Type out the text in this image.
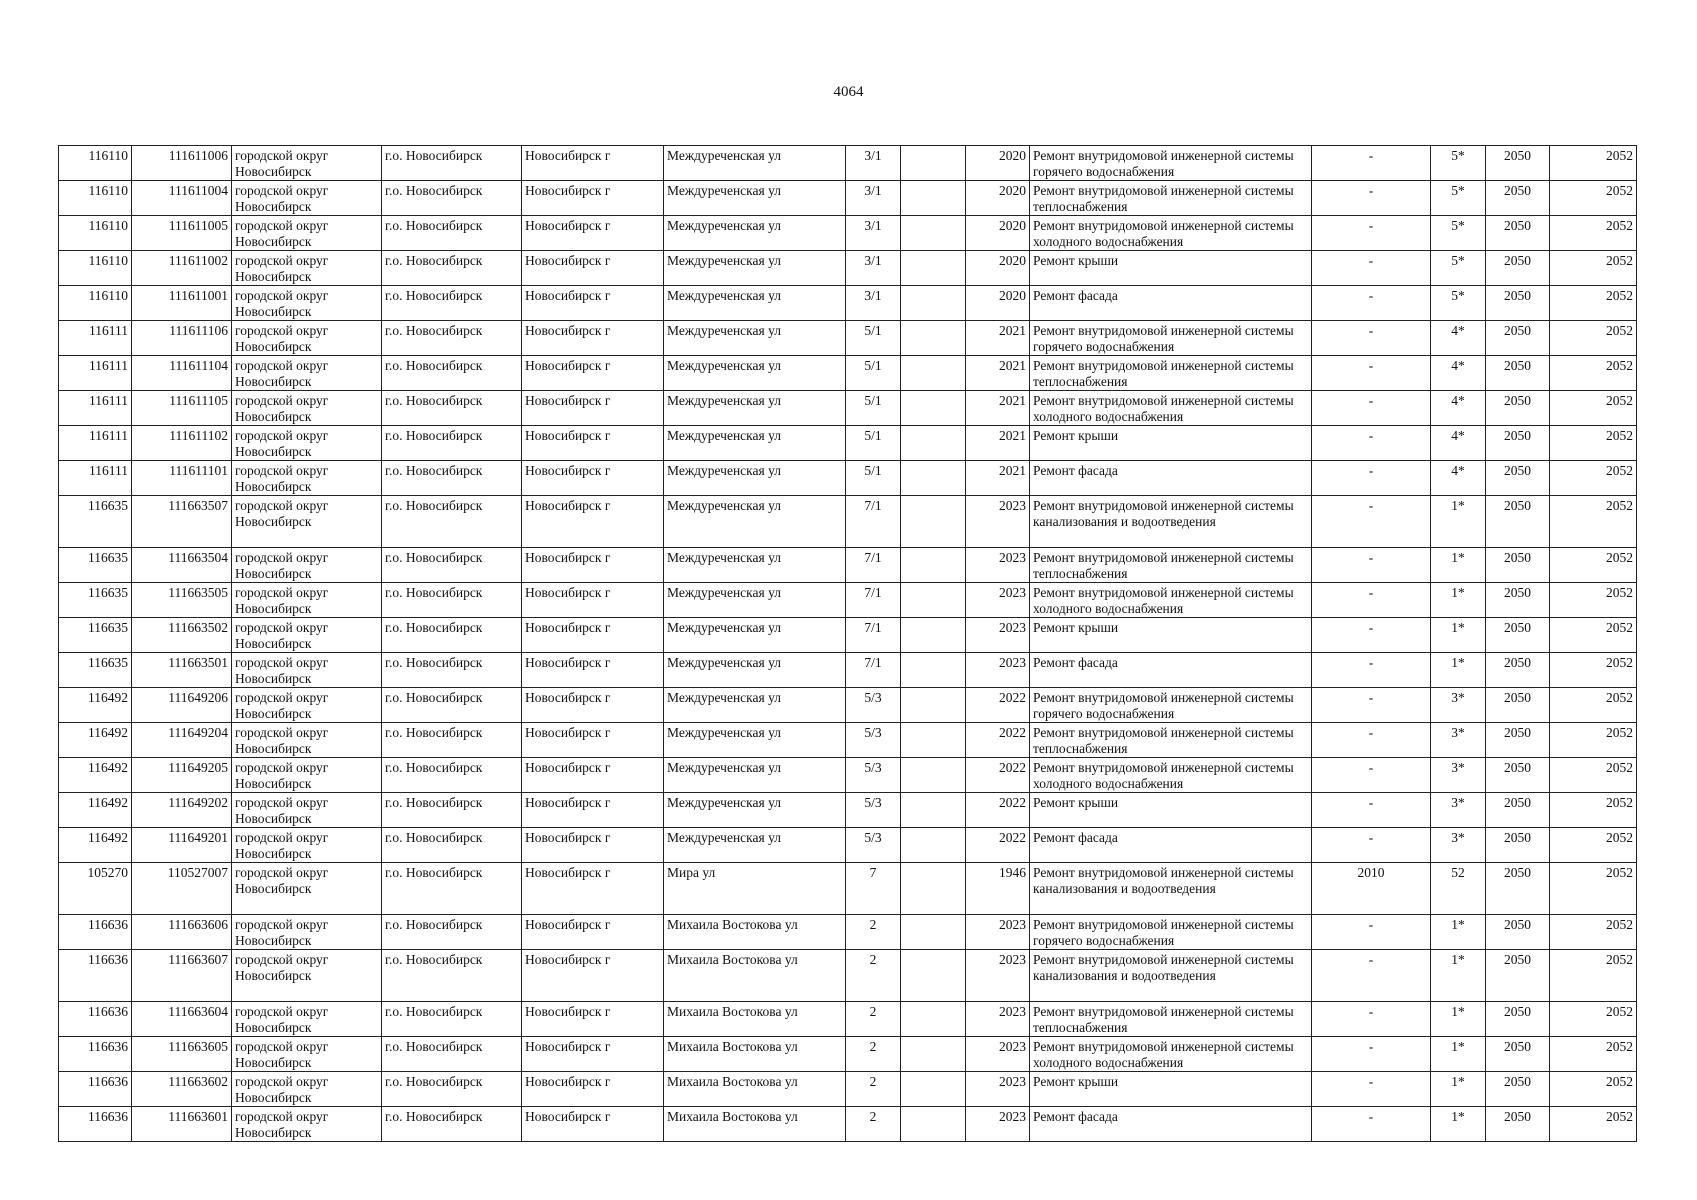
4064
116110	111611006	городской округ Новосибирск	г.о. Новосибирск	Новосибирск г	Междуреченская ул	3/1		2020	Ремонт внутридомовой инженерной системы горячего водоснабжения	-	5*	2050	2052
116110	111611004	городской округ Новосибирск	г.о. Новосибирск	Новосибирск г	Междуреченская ул	3/1		2020	Ремонт внутридомовой инженерной системы теплоснабжения	-	5*	2050	2052
116110	111611005	городской округ Новосибирск	г.о. Новосибирск	Новосибирск г	Междуреченская ул	3/1		2020	Ремонт внутридомовой инженерной системы холодного водоснабжения	-	5*	2050	2052
116110	111611002	городской округ Новосибирск	г.о. Новосибирск	Новосибирск г	Междуреченская ул	3/1		2020	Ремонт крыши	-	5*	2050	2052
116110	111611001	городской округ Новосибирск	г.о. Новосибирск	Новосибирск г	Междуреченская ул	3/1		2020	Ремонт фасада	-	5*	2050	2052
116111	111611106	городской округ Новосибирск	г.о. Новосибирск	Новосибирск г	Междуреченская ул	5/1		2021	Ремонт внутридомовой инженерной системы горячего водоснабжения	-	4*	2050	2052
116111	111611104	городской округ Новосибирск	г.о. Новосибирск	Новосибирск г	Междуреченская ул	5/1		2021	Ремонт внутридомовой инженерной системы теплоснабжения	-	4*	2050	2052
116111	111611105	городской округ Новосибирск	г.о. Новосибирск	Новосибирск г	Междуреченская ул	5/1		2021	Ремонт внутридомовой инженерной системы холодного водоснабжения	-	4*	2050	2052
116111	111611102	городской округ Новосибирск	г.о. Новосибирск	Новосибирск г	Междуреченская ул	5/1		2021	Ремонт крыши	-	4*	2050	2052
116111	111611101	городской округ Новосибирск	г.о. Новосибирск	Новосибирск г	Междуреченская ул	5/1		2021	Ремонт фасада	-	4*	2050	2052
116635	111663507	городской округ Новосибирск	г.о. Новосибирск	Новосибирск г	Междуреченская ул	7/1		2023	Ремонт внутридомовой инженерной системы канализования и водоотведения	-	1*	2050	2052
116635	111663504	городской округ Новосибирск	г.о. Новосибирск	Новосибирск г	Междуреченская ул	7/1		2023	Ремонт внутридомовой инженерной системы теплоснабжения	-	1*	2050	2052
116635	111663505	городской округ Новосибирск	г.о. Новосибирск	Новосибирск г	Междуреченская ул	7/1		2023	Ремонт внутридомовой инженерной системы холодного водоснабжения	-	1*	2050	2052
116635	111663502	городской округ Новосибирск	г.о. Новосибирск	Новосибирск г	Междуреченская ул	7/1		2023	Ремонт крыши	-	1*	2050	2052
116635	111663501	городской округ Новосибирск	г.о. Новосибирск	Новосибирск г	Междуреченская ул	7/1		2023	Ремонт фасада	-	1*	2050	2052
116492	111649206	городской округ Новосибирск	г.о. Новосибирск	Новосибирск г	Междуреченская ул	5/3		2022	Ремонт внутридомовой инженерной системы горячего водоснабжения	-	3*	2050	2052
116492	111649204	городской округ Новосибирск	г.о. Новосибирск	Новосибирск г	Междуреченская ул	5/3		2022	Ремонт внутридомовой инженерной системы теплоснабжения	-	3*	2050	2052
116492	111649205	городской округ Новосибирск	г.о. Новосибирск	Новосибирск г	Междуреченская ул	5/3		2022	Ремонт внутридомовой инженерной системы холодного водоснабжения	-	3*	2050	2052
116492	111649202	городской округ Новосибирск	г.о. Новосибирск	Новосибирск г	Междуреченская ул	5/3		2022	Ремонт крыши	-	3*	2050	2052
116492	111649201	городской округ Новосибирск	г.о. Новосибирск	Новосибирск г	Междуреченская ул	5/3		2022	Ремонт фасада	-	3*	2050	2052
105270	110527007	городской округ Новосибирск	г.о. Новосибирск	Новосибирск г	Мира ул	7		1946	Ремонт внутридомовой инженерной системы канализования и водоотведения	2010	52	2050	2052
116636	111663606	городской округ Новосибирск	г.о. Новосибирск	Новосибирск г	Михаила Востокова ул	2		2023	Ремонт внутридомовой инженерной системы горячего водоснабжения	-	1*	2050	2052
116636	111663607	городской округ Новосибирск	г.о. Новосибирск	Новосибирск г	Михаила Востокова ул	2		2023	Ремонт внутридомовой инженерной системы канализования и водоотведения	-	1*	2050	2052
116636	111663604	городской округ Новосибирск	г.о. Новосибирск	Новосибирск г	Михаила Востокова ул	2		2023	Ремонт внутридомовой инженерной системы теплоснабжения	-	1*	2050	2052
116636	111663605	городской округ Новосибирск	г.о. Новосибирск	Новосибирск г	Михаила Востокова ул	2		2023	Ремонт внутридомовой инженерной системы холодного водоснабжения	-	1*	2050	2052
116636	111663602	городской округ Новосибирск	г.о. Новосибирск	Новосибирск г	Михаила Востокова ул	2		2023	Ремонт крыши	-	1*	2050	2052
116636	111663601	городской округ Новосибирск	г.о. Новосибирск	Новосибирск г	Михаила Востокова ул	2		2023	Ремонт фасада	-	1*	2050	2052
